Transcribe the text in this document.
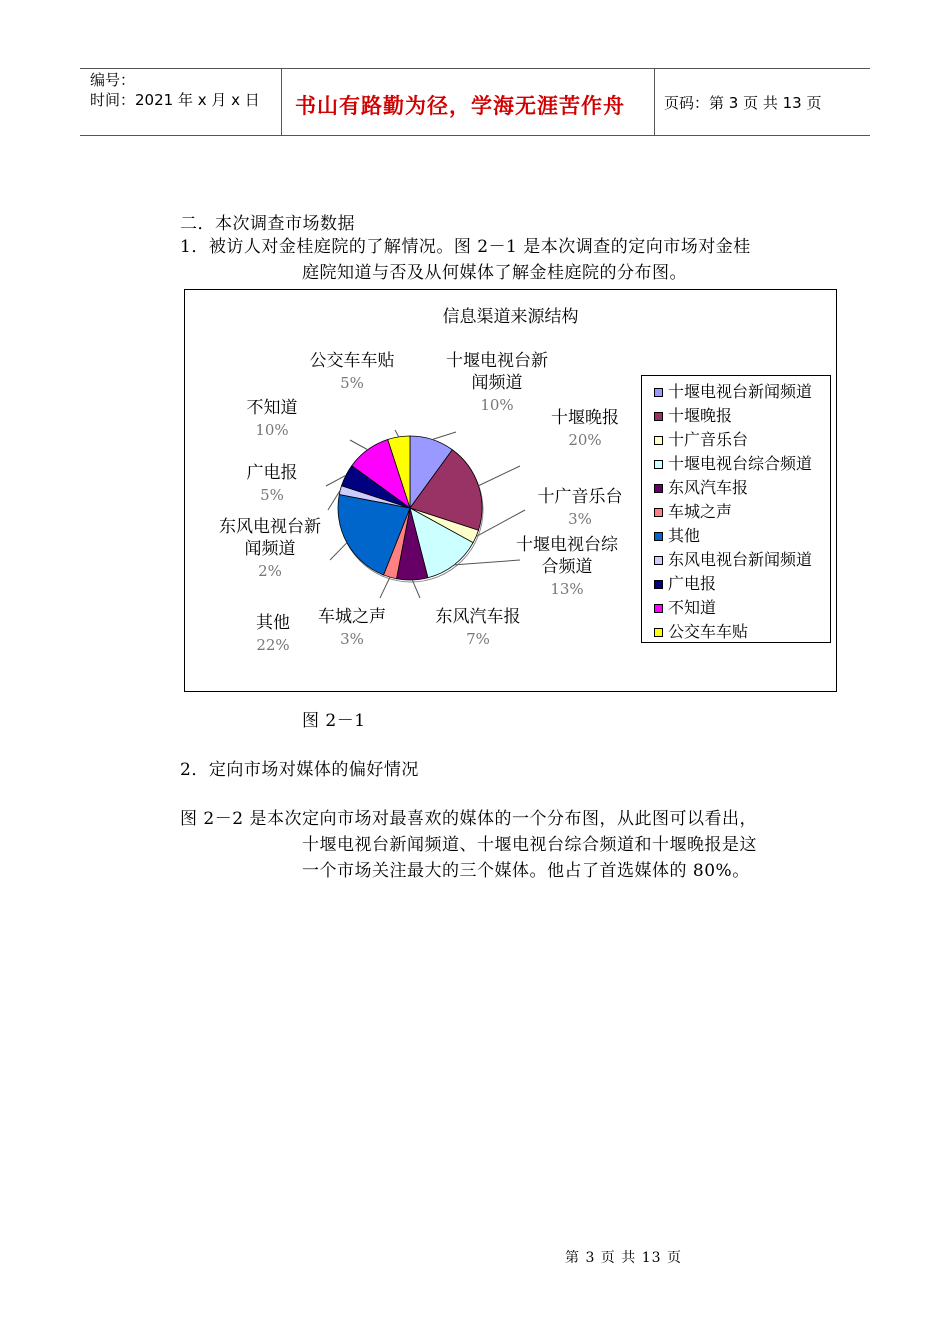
编号：
时间：2021 年 x 月 x 日 书山有路勤为径，学海无涯苦作舟	页码：第 3 页 共 13 页
二．本次调查市场数据
1．被访人对金桂庭院的了解情况。图 2－1 是本次调查的定向市场对金桂
庭院知道与否及从何媒体了解金桂庭院的分布图。
信息渠道来源结构
十堰电视台新
闻频道
10%
十堰晚报
20%
十广音乐台
3%
十堰电视台综
合频道
13%
东风汽车报
7%
车城之声
3%
其他
22%
东风电视台新
闻频道
2%
广电报
5%
不知道
10%
公交车车贴
5%	十堰电视台新闻频道
十堰晚报
十广音乐台
十堰电视台综合频道
东风汽车报
车城之声
其他
东风电视台新闻频道
广电报
不知道
公交车车贴
图 2－1
2．定向市场对媒体的偏好情况
图 2－2 是本次定向市场对最喜欢的媒体的一个分布图，从此图可以看出，
十堰电视台新闻频道、十堰电视台综合频道和十堰晚报是这
一个市场关注最大的三个媒体。他占了首选媒体的 80%。
第 3 页 共 13 页
